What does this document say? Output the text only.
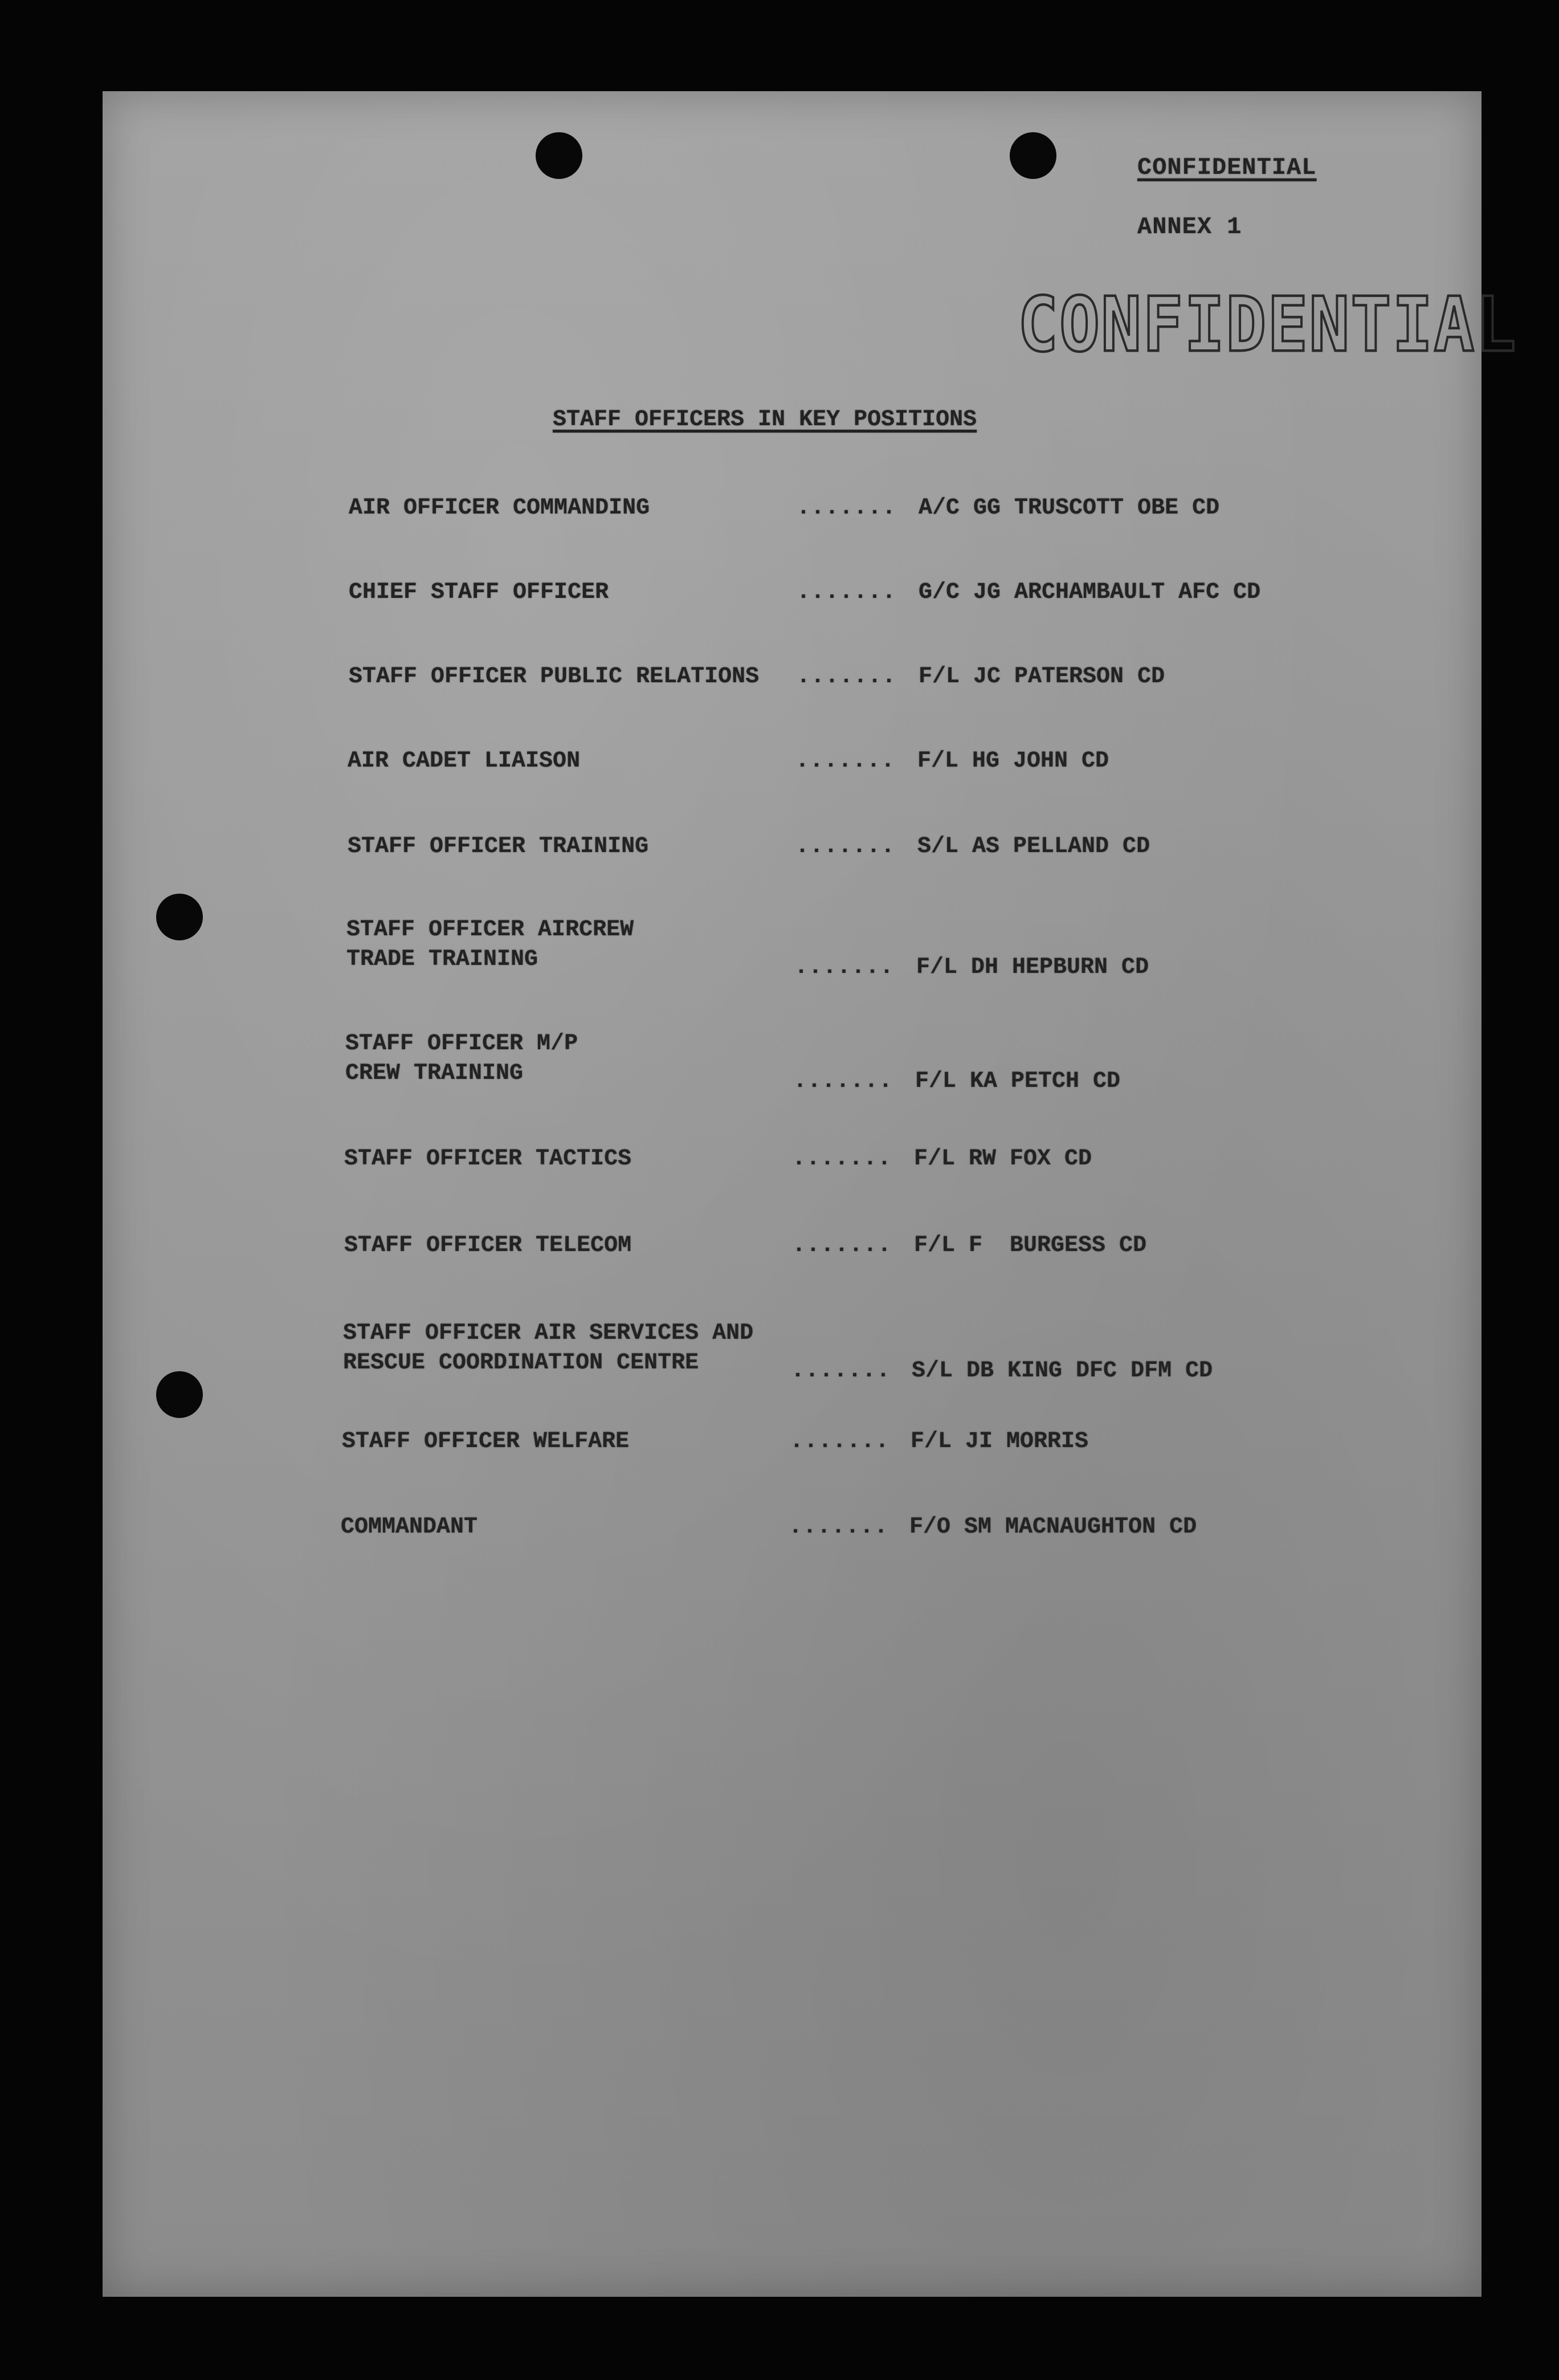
CONFIDENTIAL
ANNEX 1
CONFIDENTIAL
STAFF OFFICERS IN KEY POSITIONS
AIR OFFICER COMMANDING	....... A/C GG TRUSCOTT OBE CD
CHIEF STAFF OFFICER	....... G/C JG ARCHAMBAULT AFC CD
STAFF OFFICER PUBLIC RELATIONS ....... F/L JC PATERSON CD
AIR CADET LIAISON	....... F/L HG JOHN CD
STAFF OFFICER TRAINING	....... S/L AS PELLAND CD
STAFF OFFICER AIRCREW
TRADE TRAINING	....... F/L DH HEPBURN CD
STAFF OFFICER M/P
CREW TRAINING	....... F/L KA PETCH CD
STAFF OFFICER TACTICS	....... F/L RW FOX CD
STAFF OFFICER TELECOM	....... F/L F  BURGESS CD
STAFF OFFICER AIR SERVICES AND
RESCUE COORDINATION CENTRE	....... S/L DB KING DFC DFM CD
STAFF OFFICER WELFARE	....... F/L JI MORRIS
COMMANDANT	....... F/O SM MACNAUGHTON CD
